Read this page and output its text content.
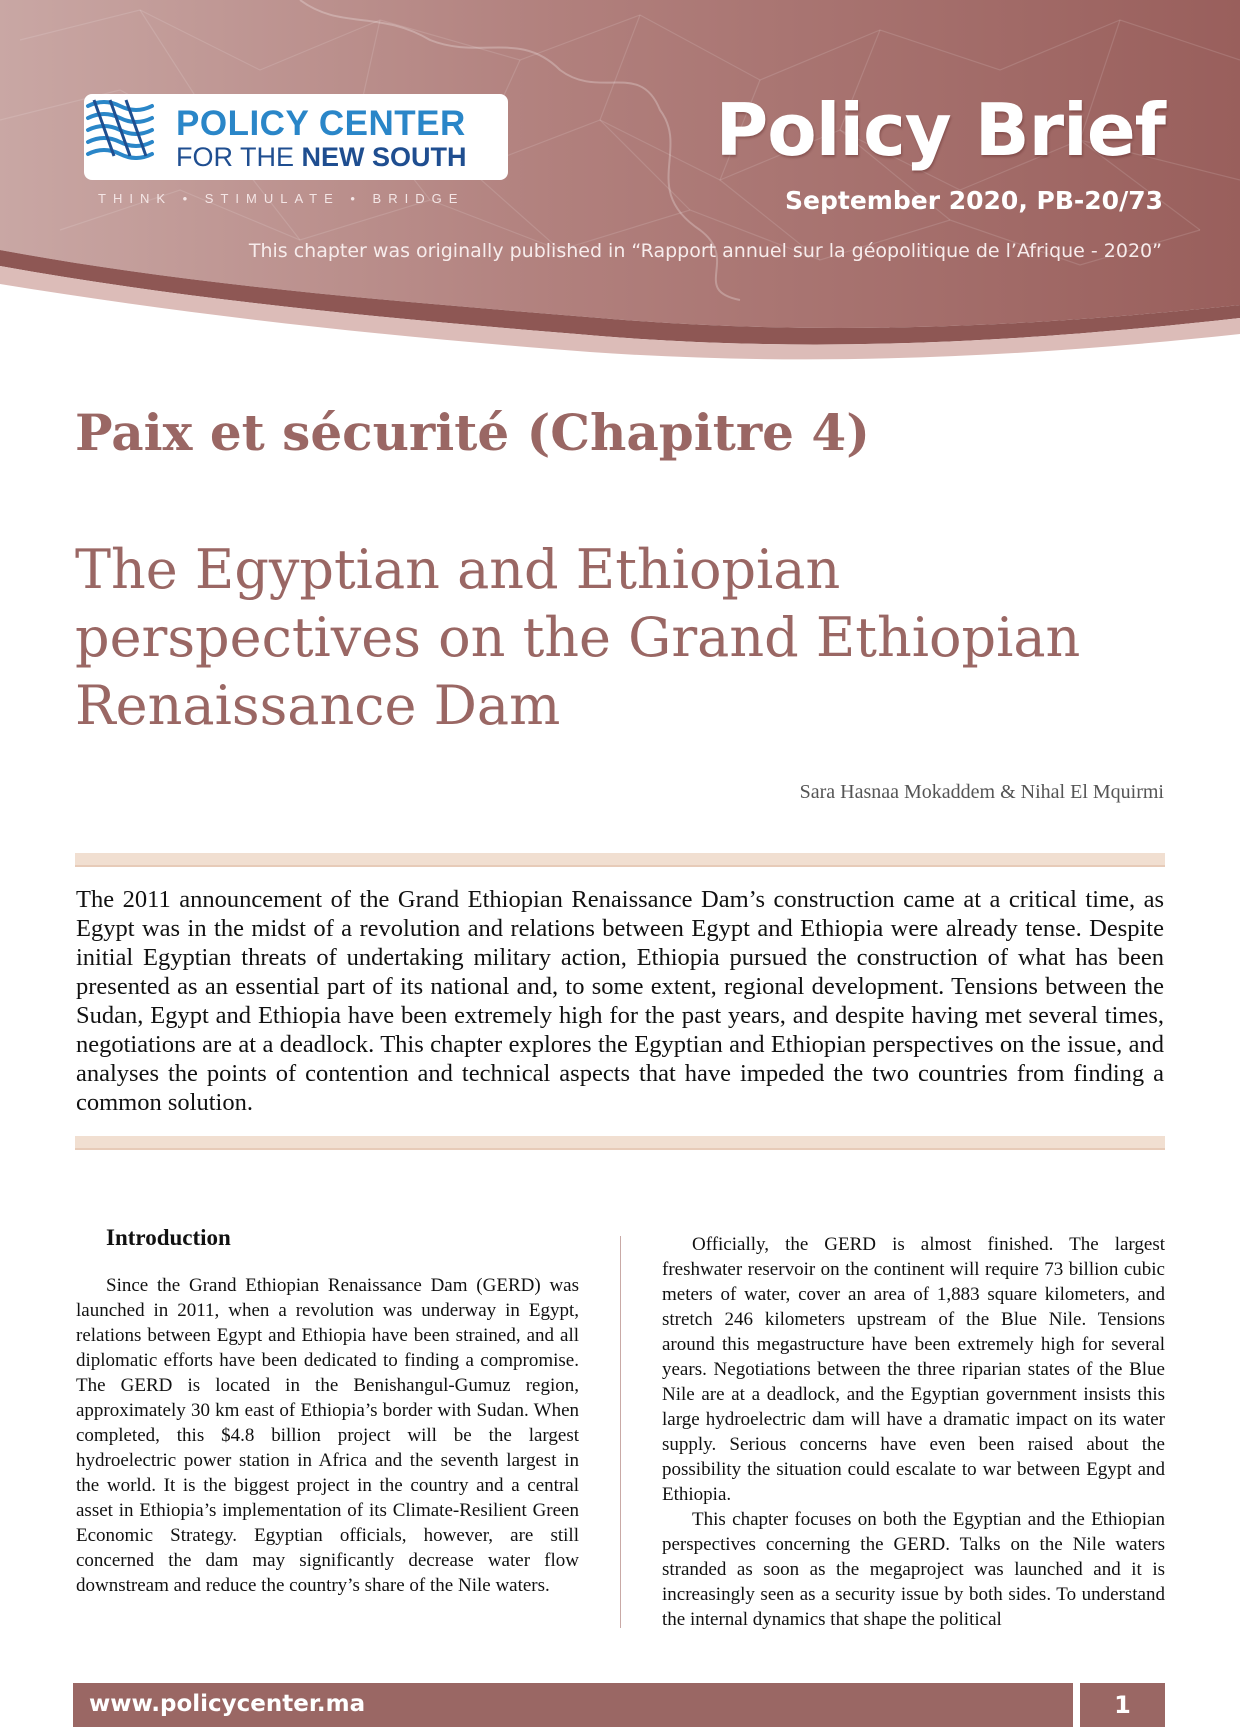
POLICY CENTER
FOR THE NEW SOUTH
THINK • STIMULATE • BRIDGE
Policy Brief
September 2020, PB-20/73
This chapter was originally published in “Rapport annuel sur la géopolitique de l’Afrique - 2020”
Paix et sécurité (Chapitre 4)
The Egyptian and Ethiopian perspectives on the Grand Ethiopian Renaissance Dam
Sara Hasnaa Mokaddem & Nihal El Mquirmi

The 2011 announcement of the Grand Ethiopian Renaissance Dam’s construction came at a critical time, as Egypt was in the midst of a revolution and relations between Egypt and Ethiopia were already tense. Despite initial Egyptian threats of undertaking military action, Ethiopia pursued the construction of what has been presented as an essential part of its national and, to some extent, regional development. Tensions between the Sudan, Egypt and Ethiopia have been extremely high for the past years, and despite having met several times, negotiations are at a deadlock. This chapter explores the Egyptian and Ethiopian perspectives on the issue, and analyses the points of contention and technical aspects that have impeded the two countries from finding a common solution.

Introduction

Since the Grand Ethiopian Renaissance Dam (GERD) was launched in 2011, when a revolution was underway in Egypt, relations between Egypt and Ethiopia have been strained, and all diplomatic efforts have been dedicated to finding a compromise. The GERD is located in the Benishangul-Gumuz region, approximately 30 km east of Ethiopia’s border with Sudan. When completed, this $4.8 billion project will be the largest hydroelectric power station in Africa and the seventh largest in the world. It is the biggest project in the country and a central asset in Ethiopia’s implementation of its Climate-Resilient Green Economic Strategy. Egyptian officials, however, are still concerned the dam may significantly decrease water flow downstream and reduce the country’s share of the Nile waters.

Officially, the GERD is almost finished. The largest freshwater reservoir on the continent will require 73 billion cubic meters of water, cover an area of 1,883 square kilometers, and stretch 246 kilometers upstream of the Blue Nile. Tensions around this megastructure have been extremely high for several years. Negotiations between the three riparian states of the Blue Nile are at a deadlock, and the Egyptian government insists this large hydroelectric dam will have a dramatic impact on its water supply. Serious concerns have even been raised about the possibility the situation could escalate to war between Egypt and Ethiopia.

This chapter focuses on both the Egyptian and the Ethiopian perspectives concerning the GERD. Talks on the Nile waters stranded as soon as the megaproject was launched and it is increasingly seen as a security issue by both sides. To understand the internal dynamics that shape the political

www.policycenter.ma	1
